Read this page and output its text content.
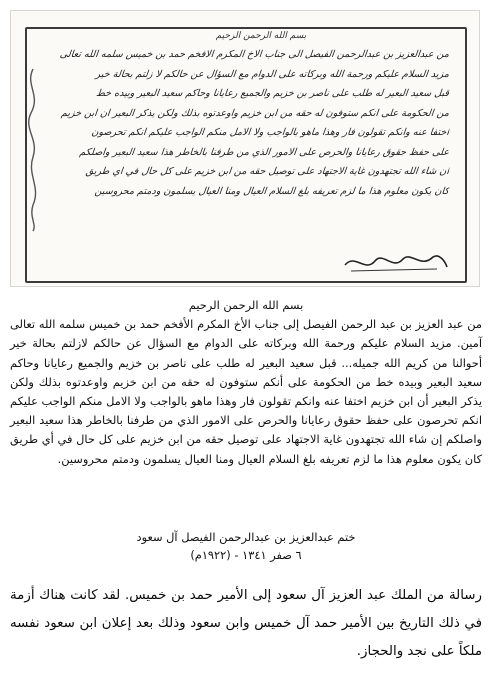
بسم الله الرحمن الرحيم
من عبدالعزيز بن عبدالرحمن الفيصل الى جناب الاخ المكرم الافخم حمد بن خميس سلمه الله تعالى
مزيد السلام عليكم ورحمة الله وبركاته على الدوام مع السؤال عن حالكم لا زلتم بحالة خير
قبل سعيد البعير له طلب على ناصر بن خزيم والجميع رعايانا وحاكم سعيد البعير وبيده خط
من الحكومة على انكم ستوفون له حقه من ابن خزيم واوعدتوه بذلك ولكن يذكر البعير ان ابن خزيم
اختفا عنه وانكم تقولون فار وهذا ماهو بالواجب ولا الامل منكم الواجب عليكم انكم تحرصون
على حفظ حقوق رعايانا والحرص على الامور الذي من طرفنا بالخاطر هذا سعيد البعير واصلكم
ان شاء الله تجتهدون غاية الاجتهاد على توصيل حقه من ابن خزيم على كل حال في اي طريق
كان يكون معلوم هذا ما لزم تعريفه بلغ السلام العيال ومنا العيال يسلمون ودمتم محروسين
بسم الله الرحمن الرحيم
من عبد العزيز بن عبد الرحمن الفيصل إلى جناب الأخ المكرم الأفخم حمد بن خميس سلمه الله تعالى آمين. مزيد السلام عليكم ورحمة الله وبركاته على الدوام مع السؤال عن حالكم لازلتم بحالة خير أحوالنا من كريم الله جميله... قبل سعيد البعير له طلب على ناصر بن خزيم والجميع رعايانا وحاكم سعيد البعير وبيده خط من الحكومة على أنكم ستوفون له حقه من ابن خزيم واوعدتوه بذلك ولكن يذكر البعير أن ابن خزيم اختفا عنه وانكم تقولون فار وهذا ماهو بالواجب ولا الامل منكم الواجب عليكم انكم تحرصون على حفظ حقوق رعايانا والحرص على الامور الذي من طرفنا بالخاطر هذا سعيد البعير واصلكم إن شاء الله تجتهدون غاية الاجتهاد على توصيل حقه من ابن خزيم على كل حال في أي طريق كان يكون معلوم هذا ما لزم تعريفه بلغ السلام العيال ومنا العيال يسلمون ودمتم محروسين.
ختم عبدالعزيز بن عبدالرحمن الفيصل آل سعود
٦ صفر ١٣٤١ - (١٩٢٢م)
رسالة من الملك عبد العزيز آل سعود إلى الأمير حمد بن خميس. لقد كانت هناك أزمة في ذلك التاريخ بين الأمير حمد آل خميس وابن سعود وذلك بعد إعلان ابن سعود نفسه ملكاً على نجد والحجاز.
